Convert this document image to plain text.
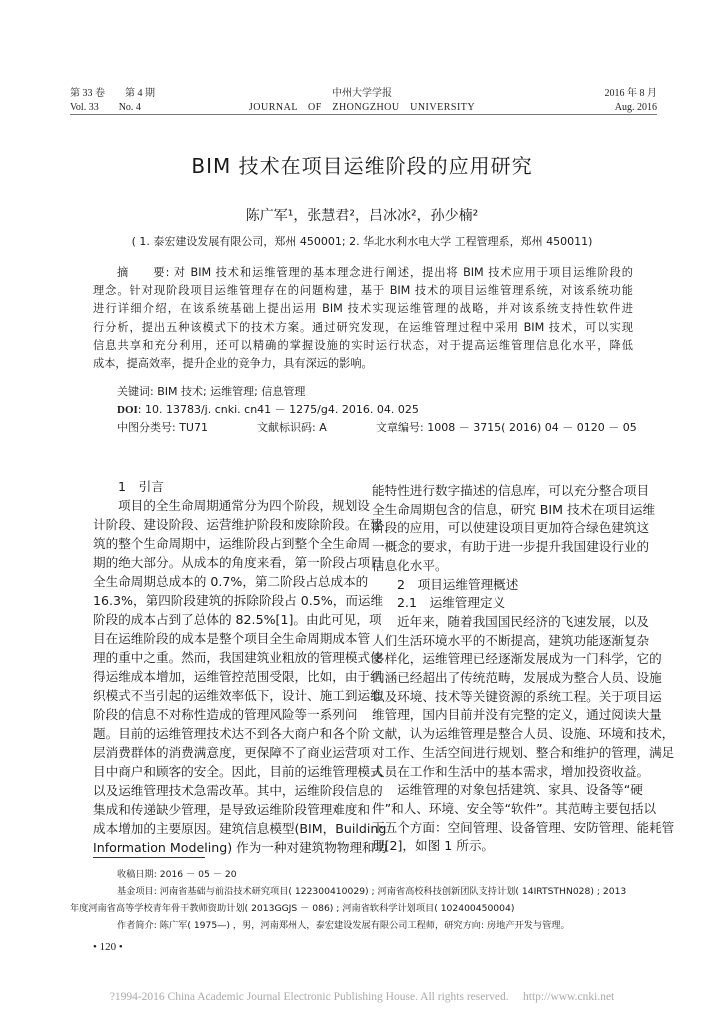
第 33 卷　　第 4 期
Vol. 33　　No. 4
中州大学学报
JOURNAL　OF　ZHONGZHOU　UNIVERSITY
2016 年 8 月
Aug. 2016
BIM 技术在项目运维阶段的应用研究
陈广军¹，张慧君²，吕冰冰²，孙少楠²
( 1. 泰宏建设发展有限公司，郑州 450001; 2. 华北水利水电大学 工程管理系，郑州 450011)
摘　　要: 对 BIM 技术和运维管理的基本理念进行阐述，提出将 BIM 技术应用于项目运维阶段的
理念。针对现阶段项目运维管理存在的问题构建，基于 BIM 技术的项目运维管理系统，对该系统功能
进行详细介绍，在该系统基础上提出运用 BIM 技术实现运维管理的战略，并对该系统支持性软件进
行分析，提出五种该模式下的技术方案。通过研究发现，在运维管理过程中采用 BIM 技术，可以实现
信息共享和充分利用，还可以精确的掌握设施的实时运行状态，对于提高运维管理信息化水平，降低
成本，提高效率，提升企业的竞争力，具有深远的影响。
关键词: BIM 技术; 运维管理; 信息管理
DOI: 10. 13783/j. cnki. cn41 － 1275/g4. 2016. 04. 025
中图分类号: TU71	文献标识码: A	文章编号: 1008 － 3715( 2016) 04 － 0120 － 05
1　引言
项目的全生命周期通常分为四个阶段，规划设
计阶段、建设阶段、运营维护阶段和废除阶段。在建
筑的整个生命周期中，运维阶段占到整个全生命周
期的绝大部分。从成本的角度来看，第一阶段占项目
全生命周期总成本的 0.7%，第二阶段占总成本的
16.3%，第四阶段建筑的拆除阶段占 0.5%，而运维
阶段的成本占到了总体的 82.5%[1]。由此可见，项
目在运维阶段的成本是整个项目全生命周期成本管
理的重中之重。然而，我国建筑业粗放的管理模式使
得运维成本增加，运维管控范围受限，比如，由于组
织模式不当引起的运维效率低下，设计、施工到运维
阶段的信息不对称性造成的管理风险等一系列问
题。目前的运维管理技术达不到各大商户和各个阶
层消费群体的消费满意度，更保障不了商业运营项
目中商户和顾客的安全。因此，目前的运维管理模式
以及运维管理技术急需改革。其中，运维阶段信息的
集成和传递缺少管理，是导致运维阶段管理难度和
成本增加的主要原因。建筑信息模型(BIM，Building
Information Modeling) 作为一种对建筑物物理和功
能特性进行数字描述的信息库，可以充分整合项目
全生命周期包含的信息，研究 BIM 技术在项目运维
阶段的应用，可以使建设项目更加符合绿色建筑这
一概念的要求，有助于进一步提升我国建设行业的
信息化水平。
2　项目运维管理概述
2.1　运维管理定义
近年来，随着我国国民经济的飞速发展，以及
人们生活环境水平的不断提高，建筑功能逐渐复杂
多样化，运维管理已经逐渐发展成为一门科学，它的
内涵已经超出了传统范畴，发展成为整合人员、设施
以及环境、技术等关键资源的系统工程。关于项目运
维管理，国内目前并没有完整的定义，通过阅读大量
文献，认为运维管理是整合人员、设施、环境和技术，
对工作、生活空间进行规划、整合和维护的管理，满足
人员在工作和生活中的基本需求，增加投资收益。
运维管理的对象包括建筑、家具、设备等“硬
件”和人、环境、安全等“软件”。其范畴主要包括以
下五个方面：空间管理、设备管理、安防管理、能耗管
理[2]，如图 1 所示。
收稿日期: 2016 － 05 － 20
基金项目: 河南省基础与前沿技术研究项目( 122300410029) ; 河南省高校科技创新团队支持计划( 14IRTSTHN028) ; 2013
年度河南省高等学校青年骨干教师资助计划( 2013GGJS － 086) ; 河南省软科学计划项目( 102400450004)
作者简介: 陈广军( 1975—) ，男，河南郑州人，泰宏建设发展有限公司工程师，研究方向: 房地产开发与管理。
• 120 •
?1994-2016 China Academic Journal Electronic Publishing House. All rights reserved.　 http://www.cnki.net
